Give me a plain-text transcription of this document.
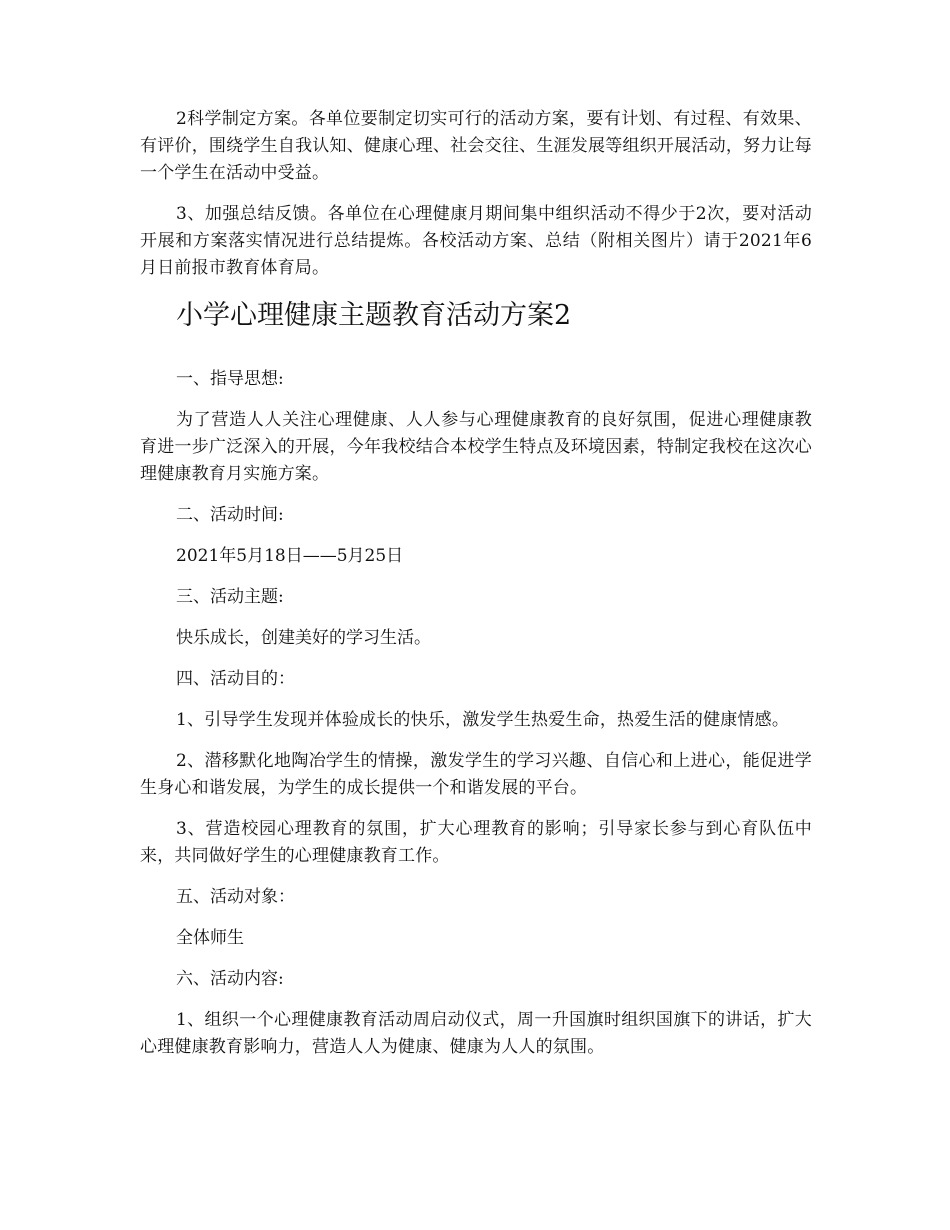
2科学制定方案。各单位要制定切实可行的活动方案，要有计划、有过程、有效果、有评价，围绕学生自我认知、健康心理、社会交往、生涯发展等组织开展活动，努力让每一个学生在活动中受益。

3、加强总结反馈。各单位在心理健康月期间集中组织活动不得少于2次，要对活动开展和方案落实情况进行总结提炼。各校活动方案、总结（附相关图片）请于2021年6月日前报市教育体育局。

小学心理健康主题教育活动方案2

一、指导思想:

为了营造人人关注心理健康、人人参与心理健康教育的良好氛围，促进心理健康教育进一步广泛深入的开展，今年我校结合本校学生特点及环境因素，特制定我校在这次心理健康教育月实施方案。

二、活动时间:

2021年5月18日——5月25日

三、活动主题:

快乐成长，创建美好的学习生活。

四、活动目的：

1、引导学生发现并体验成长的快乐，激发学生热爱生命，热爱生活的健康情感。

2、潜移默化地陶冶学生的情操，激发学生的学习兴趣、自信心和上进心，能促进学生身心和谐发展，为学生的成长提供一个和谐发展的平台。

3、营造校园心理教育的氛围，扩大心理教育的影响；引导家长参与到心育队伍中来，共同做好学生的心理健康教育工作。

五、活动对象：

全体师生

六、活动内容:

1、组织一个心理健康教育活动周启动仪式，周一升国旗时组织国旗下的讲话，扩大心理健康教育影响力，营造人人为健康、健康为人人的氛围。
